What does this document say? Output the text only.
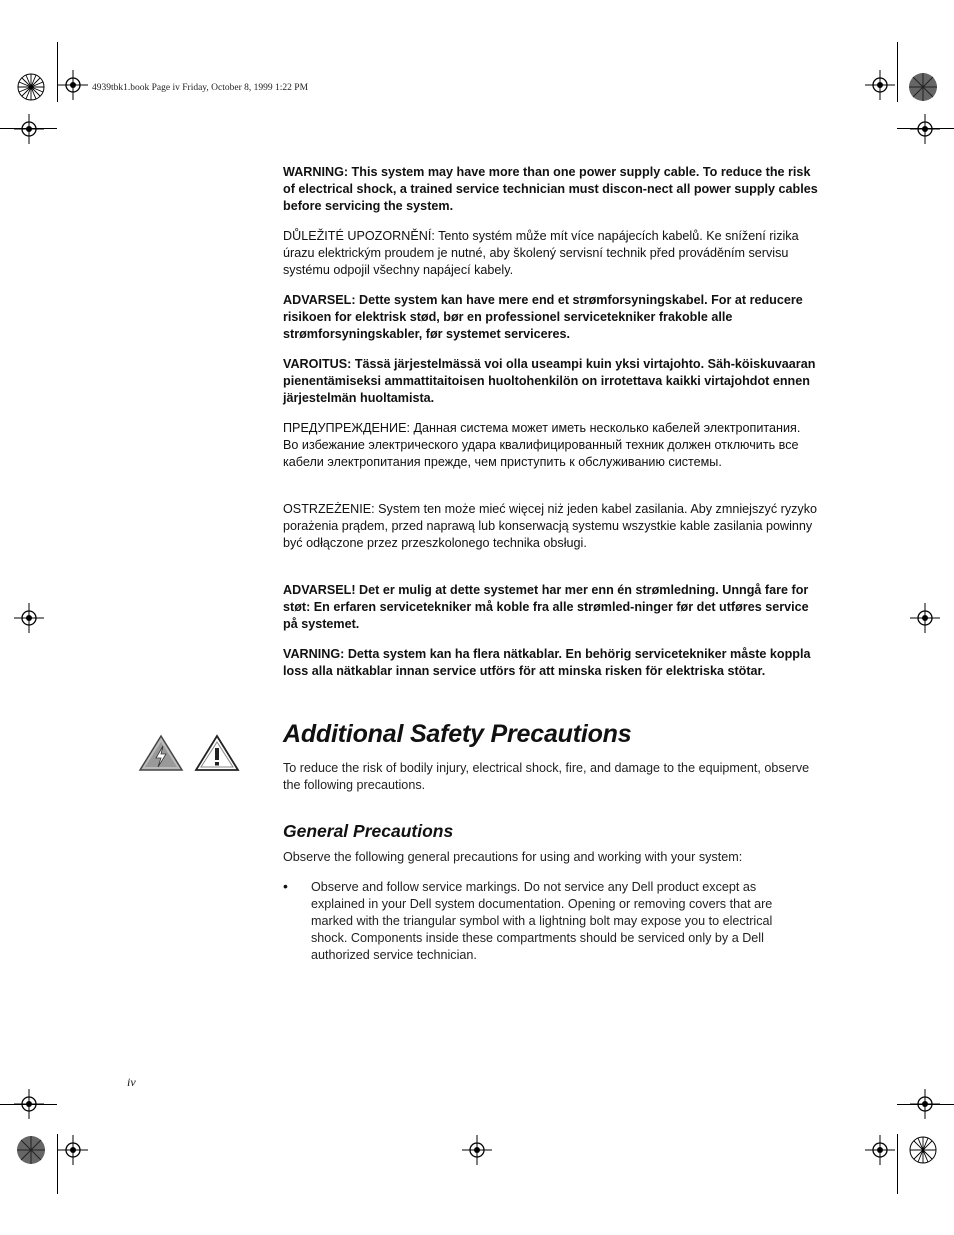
4939tbk1.book Page iv Friday, October 8, 1999 1:22 PM

WARNING: This system may have more than one power supply cable. To reduce the risk of electrical shock, a trained service technician must discon-nect all power supply cables before servicing the system.

DŮLEŽITÉ UPOZORNĚNÍ: Tento systém může mít více napájecích kabelů. Ke snížení rizika úrazu elektrickým proudem je nutné, aby školený servisní technik před prováděním servisu systému odpojil všechny napájecí kabely.

ADVARSEL: Dette system kan have mere end et strømforsyningskabel. For at reducere risikoen for elektrisk stød, bør en professionel servicetekniker frakoble alle strømforsyningskabler, før systemet serviceres.

VAROITUS: Tässä järjestelmässä voi olla useampi kuin yksi virtajohto. Säh-köiskuvaaran pienentämiseksi ammattitaitoisen huoltohenkilön on irrotettava kaikki virtajohdot ennen järjestelmän huoltamista.

ПРЕДУПРЕЖДЕНИЕ: Данная система может иметь несколько кабелей электропитания. Во избежание электрического удара квалифицированный техник должен отключить все кабели электропитания прежде, чем приступить к обслуживанию системы.

OSTRZEŻENIE: System ten może mieć więcej niż jeden kabel zasilania. Aby zmniejszyć ryzyko porażenia prądem, przed naprawą lub konserwacją systemu wszystkie kable zasilania powinny być odłączone przez przeszkolonego technika obsługi.

ADVARSEL! Det er mulig at dette systemet har mer enn én strømledning. Unngå fare for støt: En erfaren servicetekniker må koble fra alle strømled-ninger før det utføres service på systemet.

VARNING: Detta system kan ha flera nätkablar. En behörig servicetekniker måste koppla loss alla nätkablar innan service utförs för att minska risken för elektriska stötar.

Additional Safety Precautions

To reduce the risk of bodily injury, electrical shock, fire, and damage to the equipment, observe the following precautions.

General Precautions

Observe the following general precautions for using and working with your system:

• Observe and follow service markings. Do not service any Dell product except as explained in your Dell system documentation. Opening or removing covers that are marked with the triangular symbol with a lightning bolt may expose you to electrical shock. Components inside these compartments should be serviced only by a Dell authorized service technician.
iv
